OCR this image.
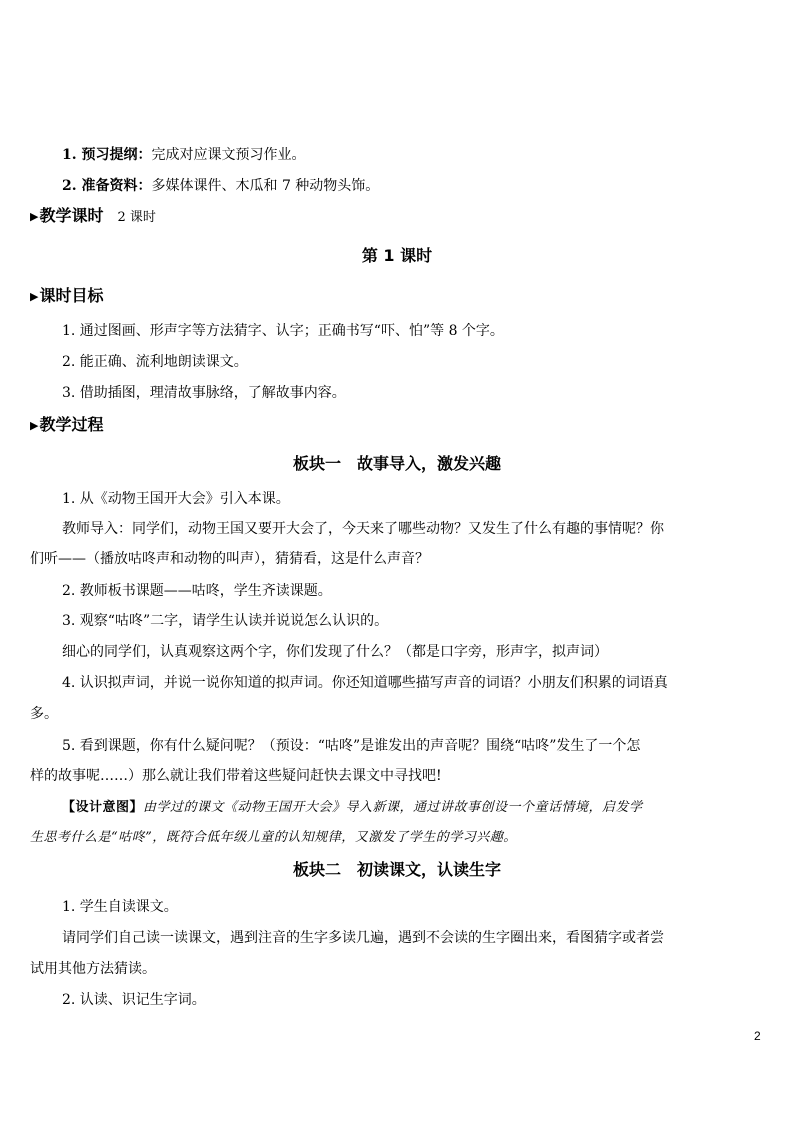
1. 预习提纲：完成对应课文预习作业。
2. 准备资料：多媒体课件、木瓜和 7 种动物头饰。
▶教学课时 2 课时
第 1 课时
▶课时目标
1. 通过图画、形声字等方法猜字、认字；正确书写“吓、怕”等 8 个字。
2. 能正确、流利地朗读课文。
3. 借助插图，理清故事脉络，了解故事内容。
▶教学过程
板块一　故事导入，激发兴趣
1. 从《动物王国开大会》引入本课。
教师导入：同学们，动物王国又要开大会了，今天来了哪些动物？又发生了什么有趣的事情呢？你
们听——（播放咕咚声和动物的叫声），猜猜看，这是什么声音？
2. 教师板书课题——咕咚，学生齐读课题。
3. 观察“咕咚”二字，请学生认读并说说怎么认识的。
细心的同学们，认真观察这两个字，你们发现了什么？（都是口字旁，形声字，拟声词）
4. 认识拟声词，并说一说你知道的拟声词。你还知道哪些描写声音的词语？小朋友们积累的词语真
多。
5. 看到课题，你有什么疑问呢？（预设：“咕咚”是谁发出的声音呢？围绕“咕咚”发生了一个怎
样的故事呢……）那么就让我们带着这些疑问赶快去课文中寻找吧!
【设计意图】由学过的课文《动物王国开大会》导入新课，通过讲故事创设一个童话情境，启发学
生思考什么是“咕咚”，既符合低年级儿童的认知规律，又激发了学生的学习兴趣。
板块二　初读课文，认读生字
1. 学生自读课文。
请同学们自己读一读课文，遇到注音的生字多读几遍，遇到不会读的生字圈出来，看图猜字或者尝
试用其他方法猜读。
2. 认读、识记生字词。
2
